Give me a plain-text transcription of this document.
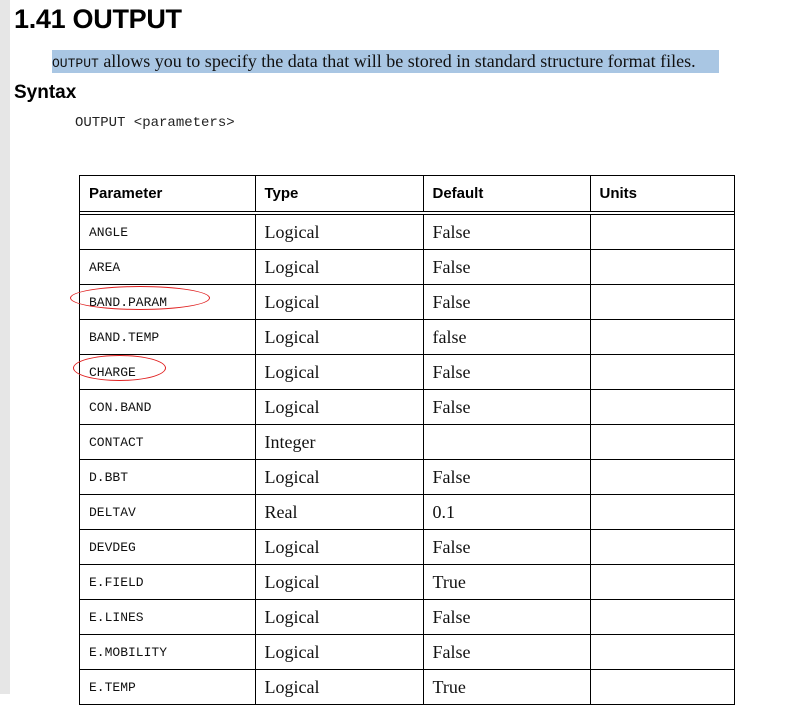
1.41 OUTPUT
OUTPUT allows you to specify the data that will be stored in standard structure format files.
Syntax
OUTPUT <parameters>
Parameter	Type	Default	Units
ANGLE	Logical	False	
AREA	Logical	False	

BAND.PARAM	Logical	False	
BAND.TEMP	Logical	false	

CHARGE	Logical	False	
CON.BAND	Logical	False	
CONTACT	Integer		
D.BBT	Logical	False	
DELTAV	Real	0.1	
DEVDEG	Logical	False	
E.FIELD	Logical	True	
E.LINES	Logical	False	
E.MOBILITY	Logical	False	
E.TEMP	Logical	True	
